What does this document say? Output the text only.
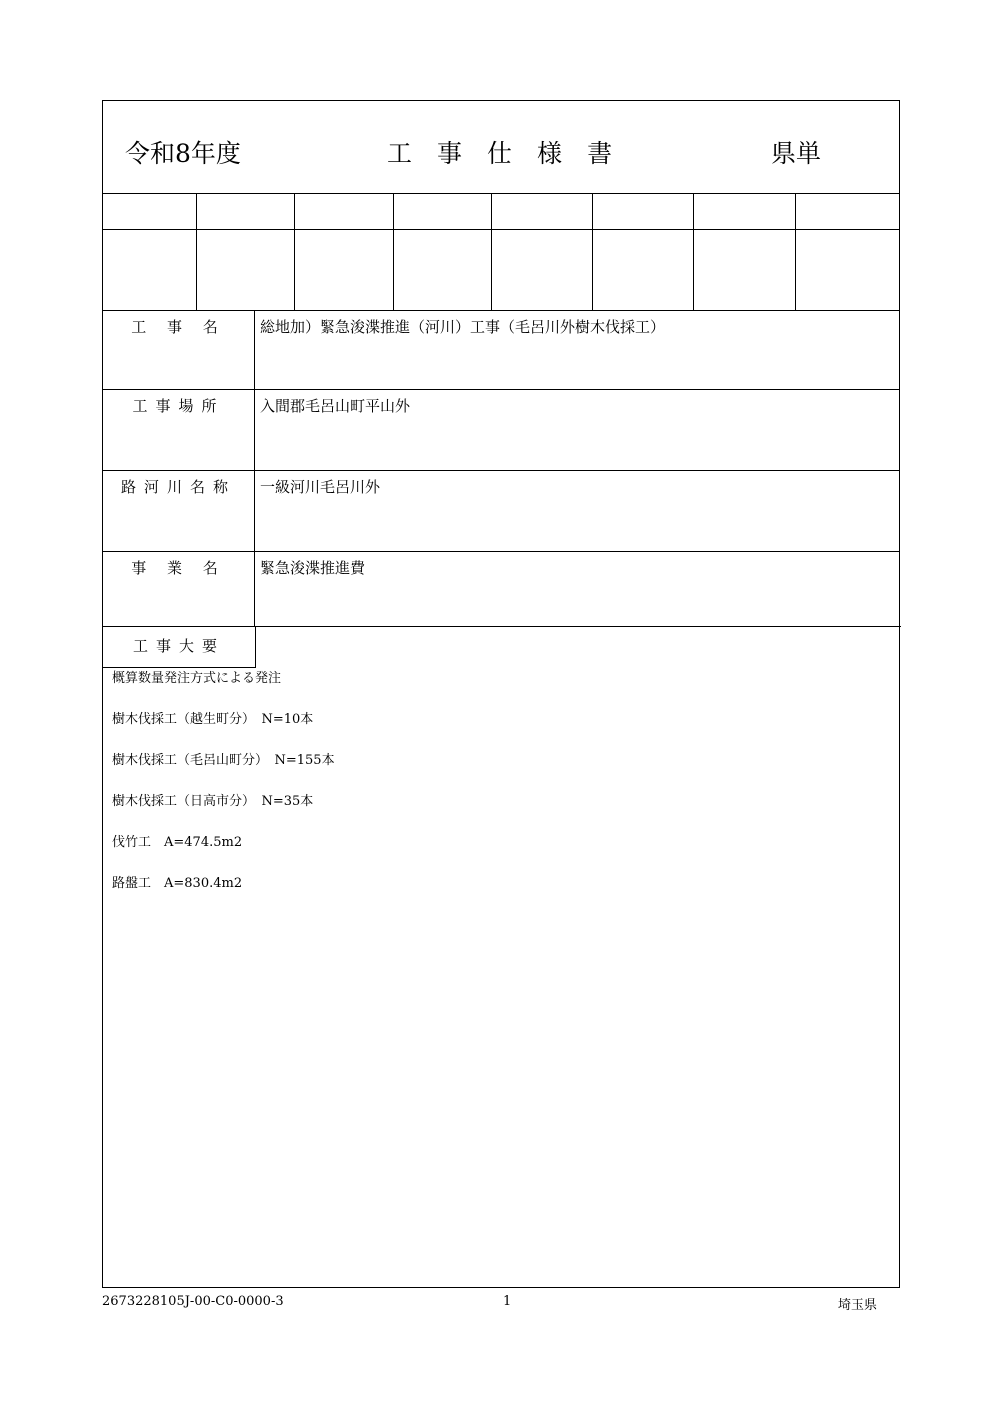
令和8年度	工 事 仕 様 書	県単
工 事 名	総地加）緊急浚渫推進（河川）工事（毛呂川外樹木伐採工）
工事場所	入間郡毛呂山町平山外
路河川名称	一級河川毛呂川外
事 業 名	緊急浚渫推進費
工事大要
概算数量発注方式による発注
樹木伐採工（越生町分）　N=10本
樹木伐採工（毛呂山町分）　N=155本
樹木伐採工（日高市分）　N=35本
伐竹工　A=474.5m2
路盤工　A=830.4m2
2673228105J-00-C0-0000-3	1	埼玉県
